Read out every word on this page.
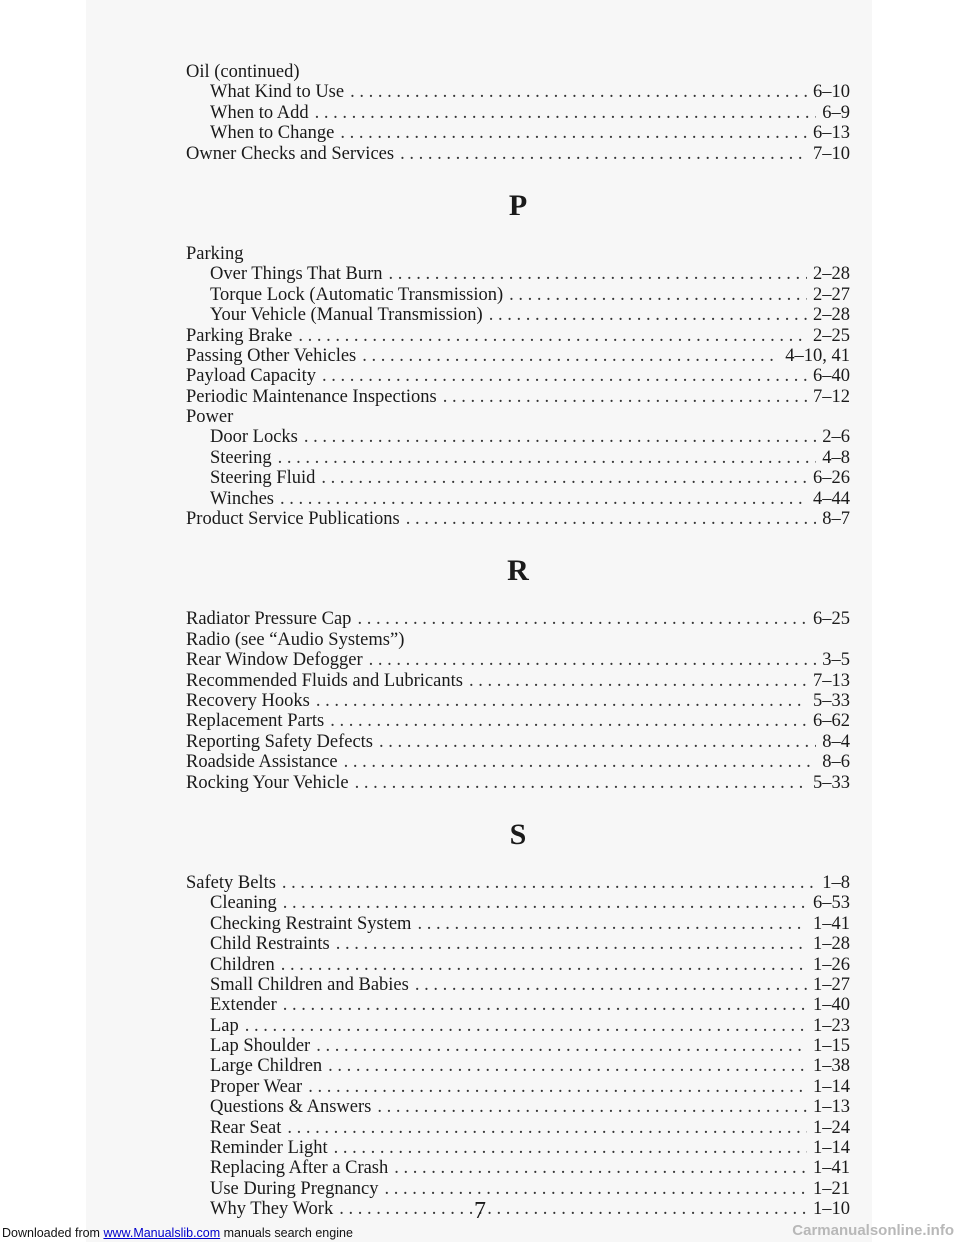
Oil (continued)
What Kind to Use . . .	6–10
When to Add . . .	6–9
When to Change . . .	6–13
Owner Checks and Services . . .	7–10
P
Parking
Over Things That Burn . . .	2–28
Torque Lock (Automatic Transmission) . . .	2–27
Your Vehicle (Manual Transmission) . . .	2–28
Parking Brake . . .	2–25
Passing Other Vehicles . . .	4–10, 41
Payload Capacity . . .	6–40
Periodic Maintenance Inspections . . .	7–12
Power
Door Locks . . .	2–6
Steering . . .	4–8
Steering Fluid . . .	6–26
Winches . . .	4–44
Product Service Publications . . .	8–7
R
Radiator Pressure Cap . . .	6–25
Radio (see “Audio Systems”)
Rear Window Defogger . . .	3–5
Recommended Fluids and Lubricants . . .	7–13
Recovery Hooks . . .	5–33
Replacement Parts . . .	6–62
Reporting Safety Defects . . .	8–4
Roadside Assistance . . .	8–6
Rocking Your Vehicle . . .	5–33
S
Safety Belts . . .	1–8
Cleaning . . .	6–53
Checking Restraint System . . .	1–41
Child Restraints . . .	1–28
Children . . .	1–26
Small Children and Babies . . .	1–27
Extender . . .	1–40
Lap . . .	1–23
Lap Shoulder . . .	1–15
Large Children . . .	1–38
Proper Wear . . .	1–14
Questions & Answers . . .	1–13
Rear Seat . . .	1–24
Reminder Light . . .	1–14
Replacing After a Crash . . .	1–41
Use During Pregnancy . . .	1–21
Why They Work . . .	1–10
7
Downloaded from www.Manualslib.com manuals search engine	Carmanualsonline.info
